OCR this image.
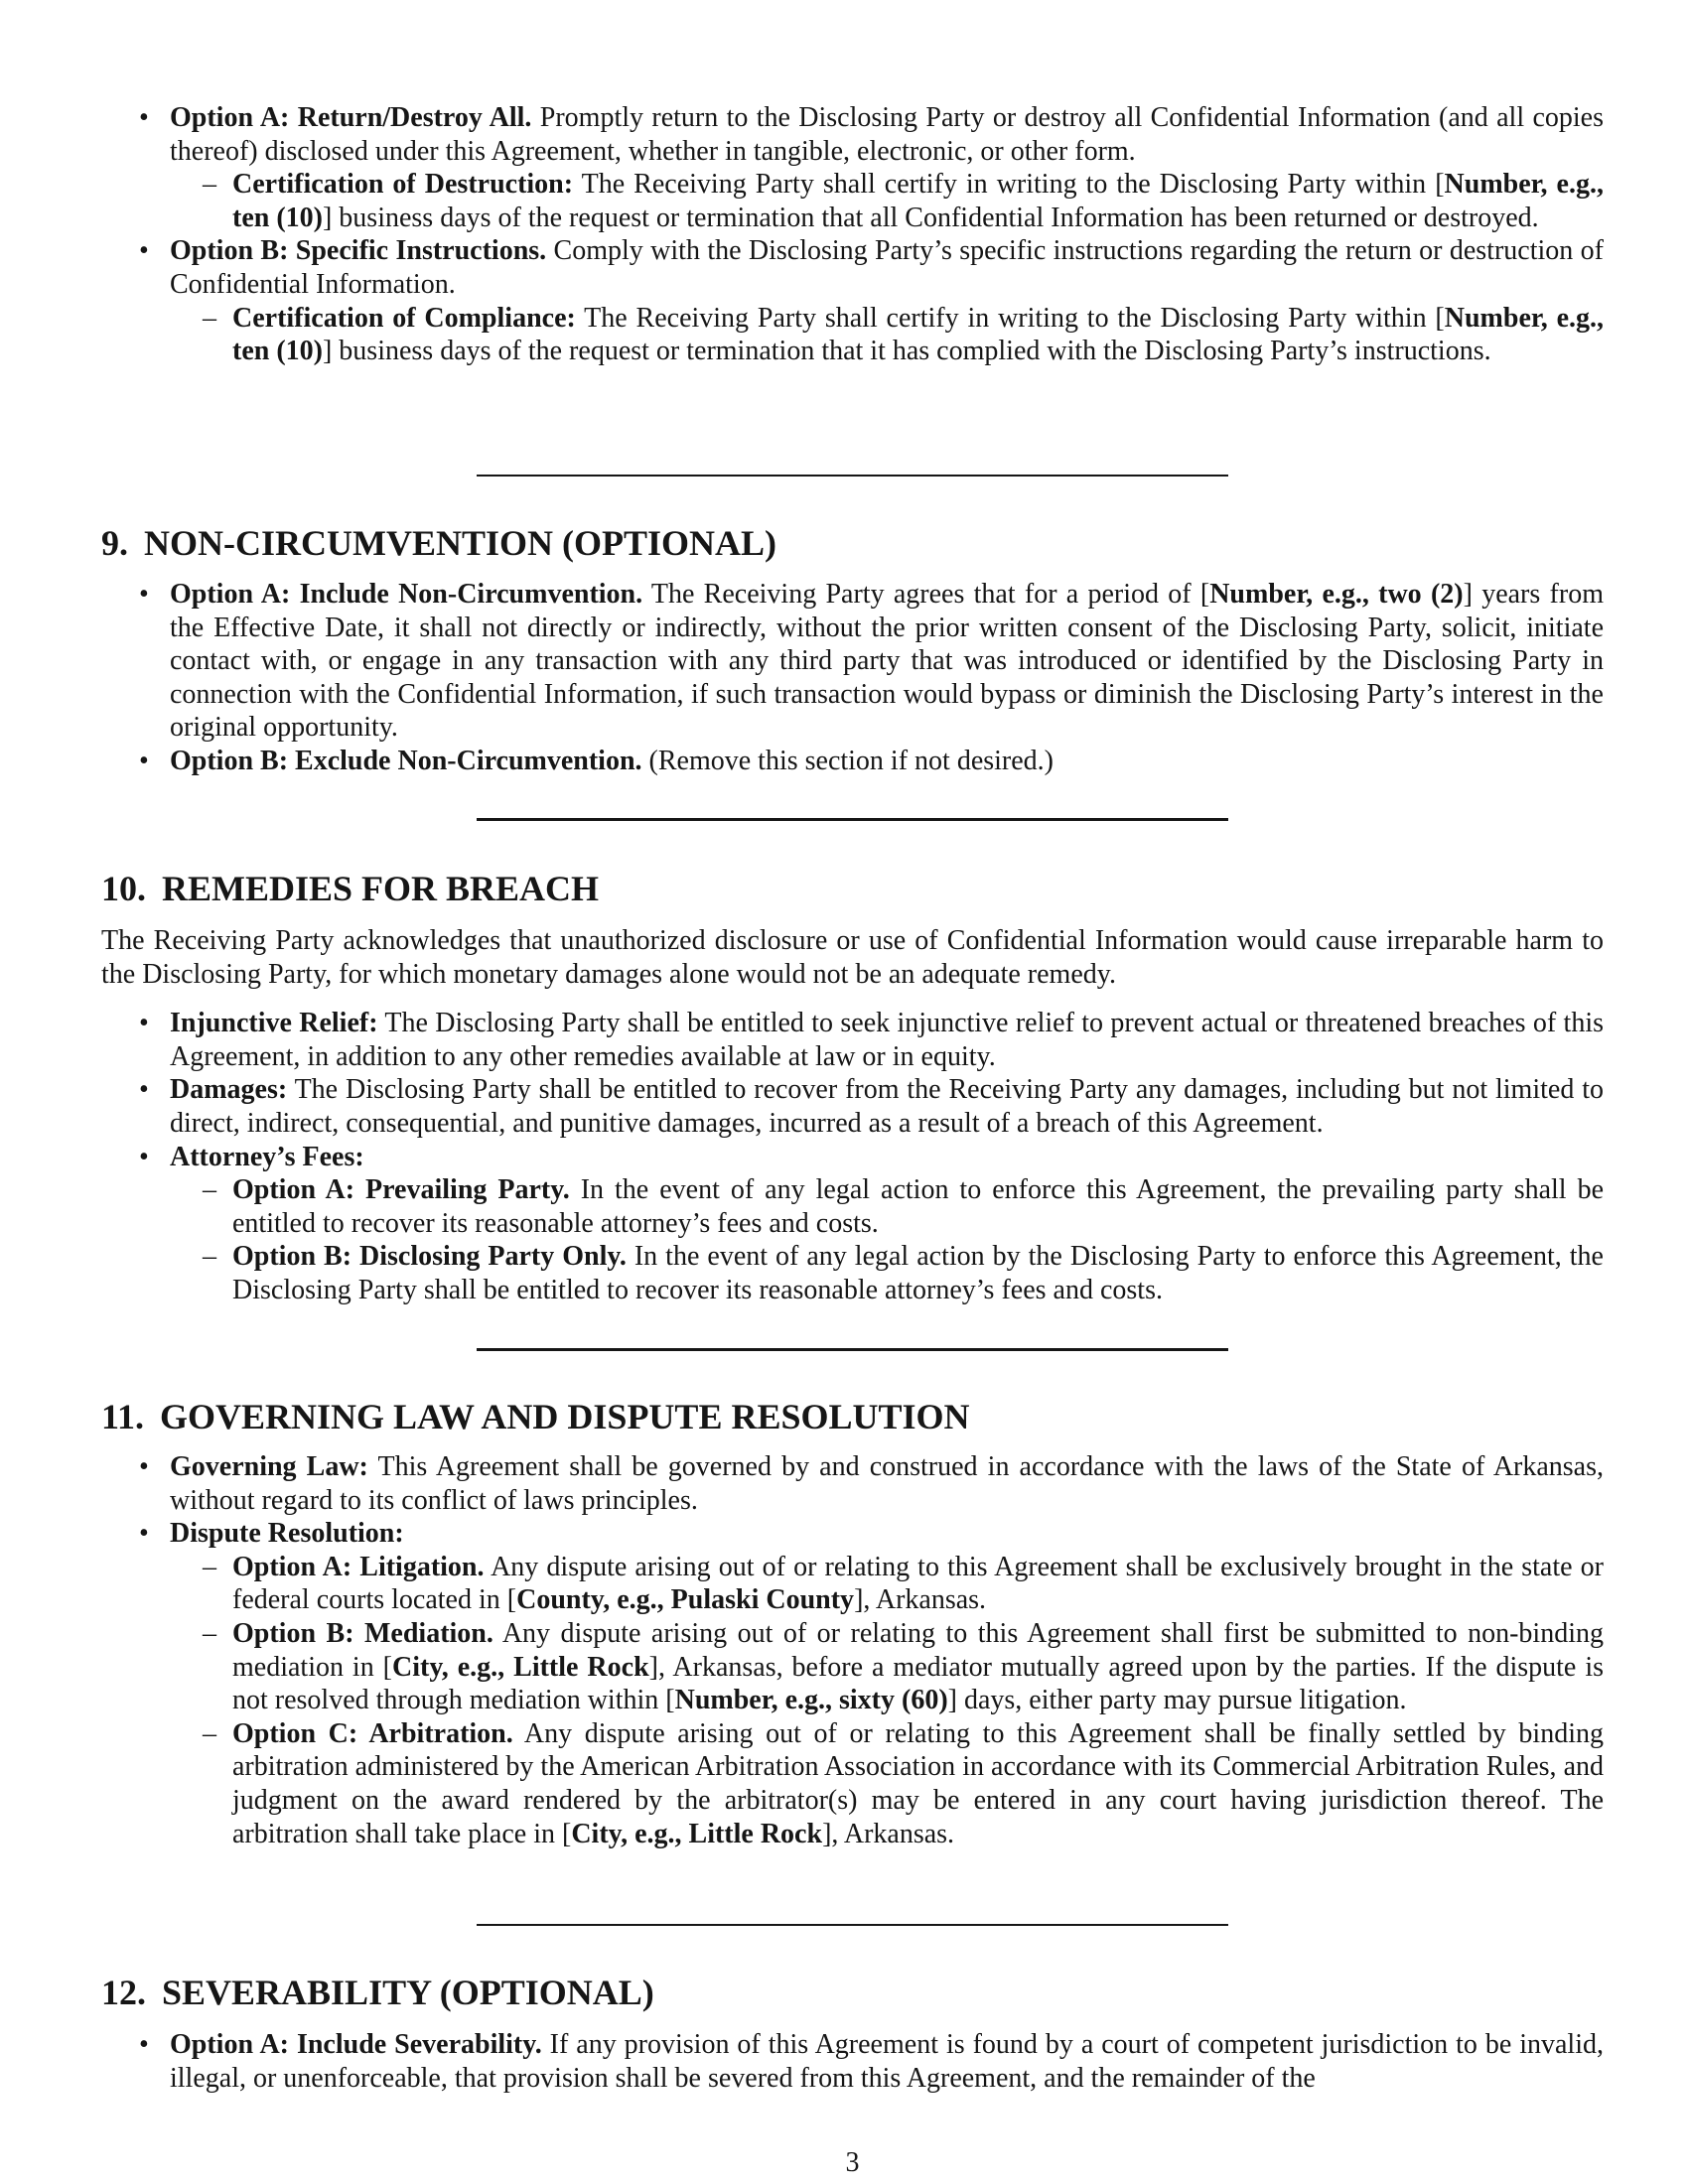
• Option A: Return/Destroy All. Promptly return to the Disclosing Party or destroy all Confidential Information (and all copies thereof) disclosed under this Agreement, whether in tangible, electronic, or other form.
– Certification of Destruction: The Receiving Party shall certify in writing to the Disclosing Party within [Number, e.g., ten (10)] business days of the request or termination that all Confidential Information has been returned or destroyed.
• Option B: Specific Instructions. Comply with the Disclosing Party’s specific instructions regarding the return or destruction of Confidential Information.
– Certification of Compliance: The Receiving Party shall certify in writing to the Disclosing Party within [Number, e.g., ten (10)] business days of the request or termination that it has complied with the Disclosing Party’s instructions.
9. NON-CIRCUMVENTION (OPTIONAL)
• Option A: Include Non-Circumvention. The Receiving Party agrees that for a period of [Number, e.g., two (2)] years from the Effective Date, it shall not directly or indirectly, without the prior written consent of the Disclosing Party, solicit, initiate contact with, or engage in any transaction with any third party that was introduced or identified by the Disclosing Party in connection with the Confidential Information, if such transaction would bypass or diminish the Disclosing Party’s interest in the original opportunity.
• Option B: Exclude Non-Circumvention. (Remove this section if not desired.)
10. REMEDIES FOR BREACH
The Receiving Party acknowledges that unauthorized disclosure or use of Confidential Information would cause irreparable harm to the Disclosing Party, for which monetary damages alone would not be an adequate remedy.
• Injunctive Relief: The Disclosing Party shall be entitled to seek injunctive relief to prevent actual or threatened breaches of this Agreement, in addition to any other remedies available at law or in equity.
• Damages: The Disclosing Party shall be entitled to recover from the Receiving Party any damages, including but not limited to direct, indirect, consequential, and punitive damages, incurred as a result of a breach of this Agreement.
• Attorney’s Fees:
– Option A: Prevailing Party. In the event of any legal action to enforce this Agreement, the prevailing party shall be entitled to recover its reasonable attorney’s fees and costs.
– Option B: Disclosing Party Only. In the event of any legal action by the Disclosing Party to enforce this Agreement, the Disclosing Party shall be entitled to recover its reasonable attorney’s fees and costs.
11. GOVERNING LAW AND DISPUTE RESOLUTION
• Governing Law: This Agreement shall be governed by and construed in accordance with the laws of the State of Arkansas, without regard to its conflict of laws principles.
• Dispute Resolution:
– Option A: Litigation. Any dispute arising out of or relating to this Agreement shall be exclusively brought in the state or federal courts located in [County, e.g., Pulaski County], Arkansas.
– Option B: Mediation. Any dispute arising out of or relating to this Agreement shall first be submitted to non-binding mediation in [City, e.g., Little Rock], Arkansas, before a mediator mutually agreed upon by the parties. If the dispute is not resolved through mediation within [Number, e.g., sixty (60)] days, either party may pursue litigation.
– Option C: Arbitration. Any dispute arising out of or relating to this Agreement shall be finally settled by binding arbitration administered by the American Arbitration Association in accordance with its Commercial Arbitration Rules, and judgment on the award rendered by the arbitrator(s) may be entered in any court having jurisdiction thereof. The arbitration shall take place in [City, e.g., Little Rock], Arkansas.
12. SEVERABILITY (OPTIONAL)
• Option A: Include Severability. If any provision of this Agreement is found by a court of competent jurisdiction to be invalid, illegal, or unenforceable, that provision shall be severed from this Agreement, and the remainder of the
3
